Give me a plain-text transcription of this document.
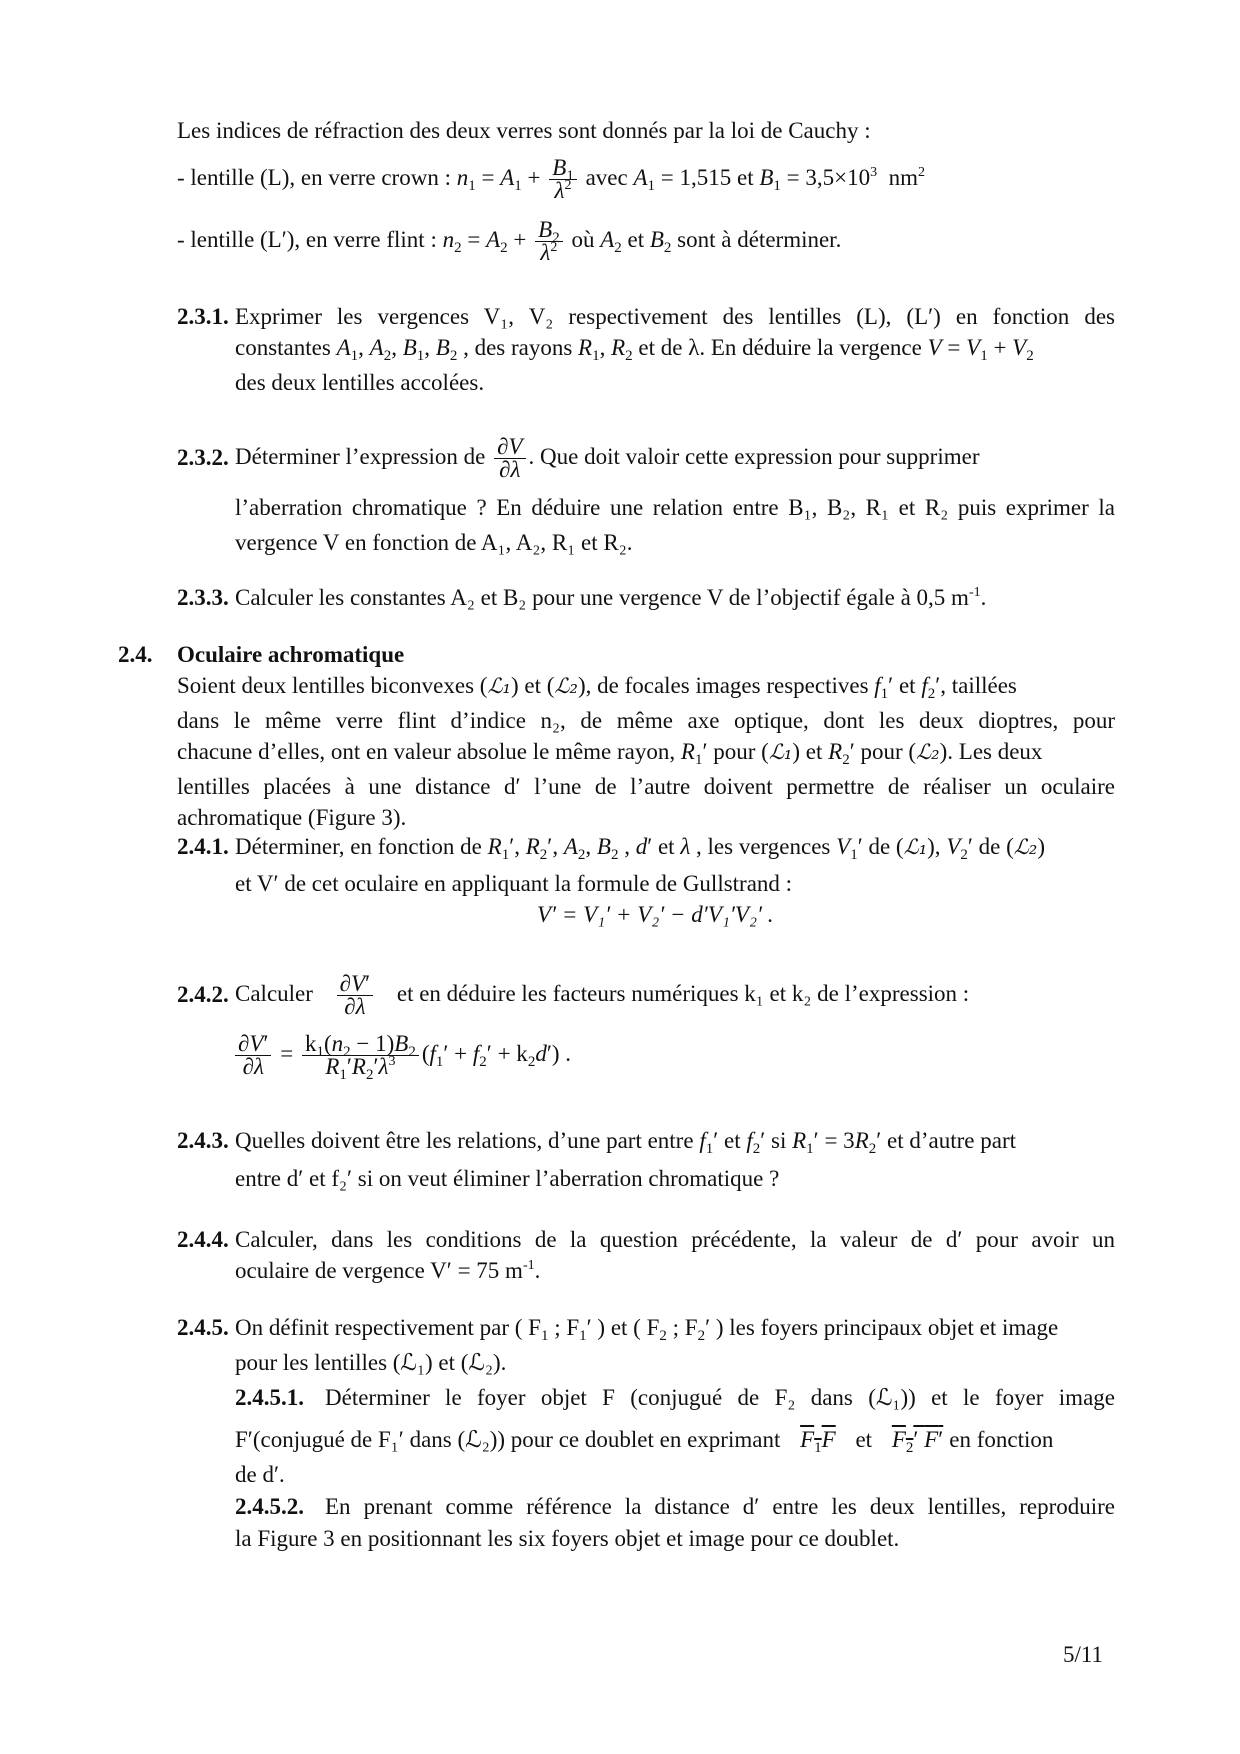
Les indices de réfraction des deux verres sont donnés par la loi de Cauchy :
- lentille (L), en verre crown : $n_1 = A_1 + \frac{B_1}{\lambda^2}$ avec $A_1 = 1,515$ et $B_1 = 3,5\times 10^3$ $nm^2$
- lentille (L′), en verre flint : $n_2 = A_2 + \frac{B_2}{\lambda^2}$ où $A_2$ et $B_2$ sont à déterminer.
2.3.1. Exprimer les vergences V₁, V₂ respectivement des lentilles (L), (L′) en fonction des
constantes $A_1$, $A_2$, $B_1$, $B_2$ , des rayons $R_1$, $R_2$ et de λ. En déduire la vergence $V = V_1 + V_2$
des deux lentilles accolées.
2.3.2. Déterminer l’expression de $\frac{\partial V}{\partial\lambda}$ . Que doit valoir cette expression pour supprimer
l’aberration chromatique ? En déduire une relation entre B₁, B₂, R₁ et R₂ puis exprimer la
vergence V en fonction de A₁, A₂, R₁ et R₂.
2.3.3. Calculer les constantes A₂ et B₂ pour une vergence V de l’objectif égale à 0,5 $m^{-1}$.
2.4. Oculaire achromatique
Soient deux lentilles biconvexes (ℒ₁) et (ℒ₂), de focales images respectives $f_1'$ et $f_2'$, taillées
dans le même verre flint d’indice n₂, de même axe optique, dont les deux dioptres, pour
chacune d’elles, ont en valeur absolue le même rayon, $R_1'$ pour (ℒ₁) et $R_2'$ pour (ℒ₂). Les deux
lentilles placées à une distance d′ l’une de l’autre doivent permettre de réaliser un oculaire
achromatique (Figure 3).
2.4.1. Déterminer, en fonction de $R_1'$, $R_2'$, $A_2$, $B_2$ , d′ et λ , les vergences $V_1'$ de (ℒ₁), $V_2'$ de (ℒ₂)
et V′ de cet oculaire en appliquant la formule de Gullstrand :
V′ = V₁′ + V₂′ − d′V₁′V₂′ .
2.4.2. Calculer $\frac{\partial V'}{\partial\lambda}$ et en déduire les facteurs numériques k₁ et k₂ de l’expression :
$\frac{\partial V'}{\partial\lambda} = \frac{k_1(n_2 - 1)B_2}{R_1'R_2'\lambda^3} (f_1' + f_2' + k_2d')$ .
2.4.3. Quelles doivent être les relations, d’une part entre $f_1'$ et $f_2'$ si $R_1' = 3R_2'$ et d’autre part
entre d′ et f₂′ si on veut éliminer l’aberration chromatique ?
2.4.4. Calculer, dans les conditions de la question précédente, la valeur de d′ pour avoir un
oculaire de vergence V′ = 75 $m^{-1}$.
2.4.5. On définit respectivement par ( $F_1$ ; $F_1'$ ) et ( $F_2$ ; $F_2'$ ) les foyers principaux objet et image
pour les lentilles (ℒ₁) et (ℒ₂).
2.4.5.1. Déterminer le foyer objet F (conjugué de F₂ dans (ℒ₁)) et le foyer image
F′(conjugué de F₁′ dans (ℒ₂)) pour ce doublet en exprimant $F_1F$ et $F_2'$ F′ en fonction
de d′.
2.4.5.2. En prenant comme référence la distance d′ entre les deux lentilles, reproduire
la Figure 3 en positionnant les six foyers objet et image pour ce doublet.
5/11
